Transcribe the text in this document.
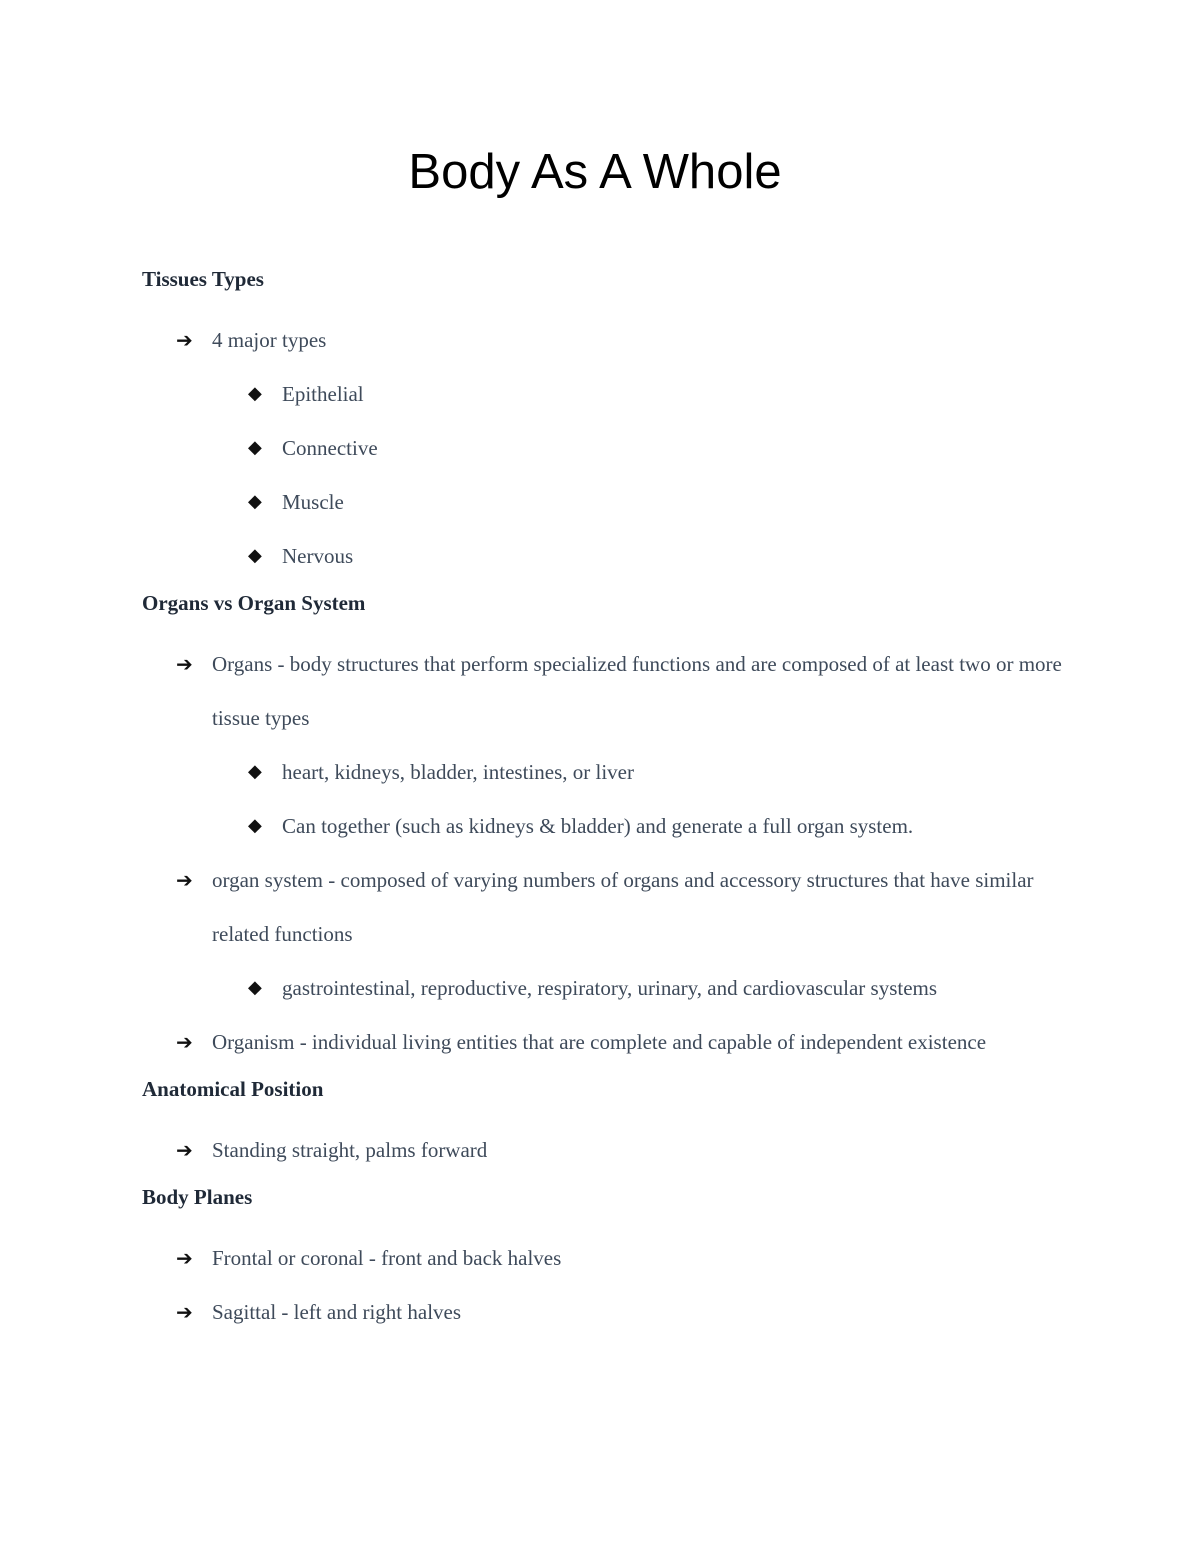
Body As A Whole
Tissues Types
➔ 4 major types
◆ Epithelial
◆ Connective
◆ Muscle
◆ Nervous
Organs vs Organ System
➔ Organs - body structures that perform specialized functions and are composed of at least two or more tissue types
◆ heart, kidneys, bladder, intestines, or liver
◆ Can together (such as kidneys & bladder) and generate a full organ system.
➔ organ system - composed of varying numbers of organs and accessory structures that have similar related functions
◆ gastrointestinal, reproductive, respiratory, urinary, and cardiovascular systems
➔ Organism - individual living entities that are complete and capable of independent existence
Anatomical Position
➔ Standing straight, palms forward
Body Planes
➔ Frontal or coronal - front and back halves
➔ Sagittal - left and right halves
